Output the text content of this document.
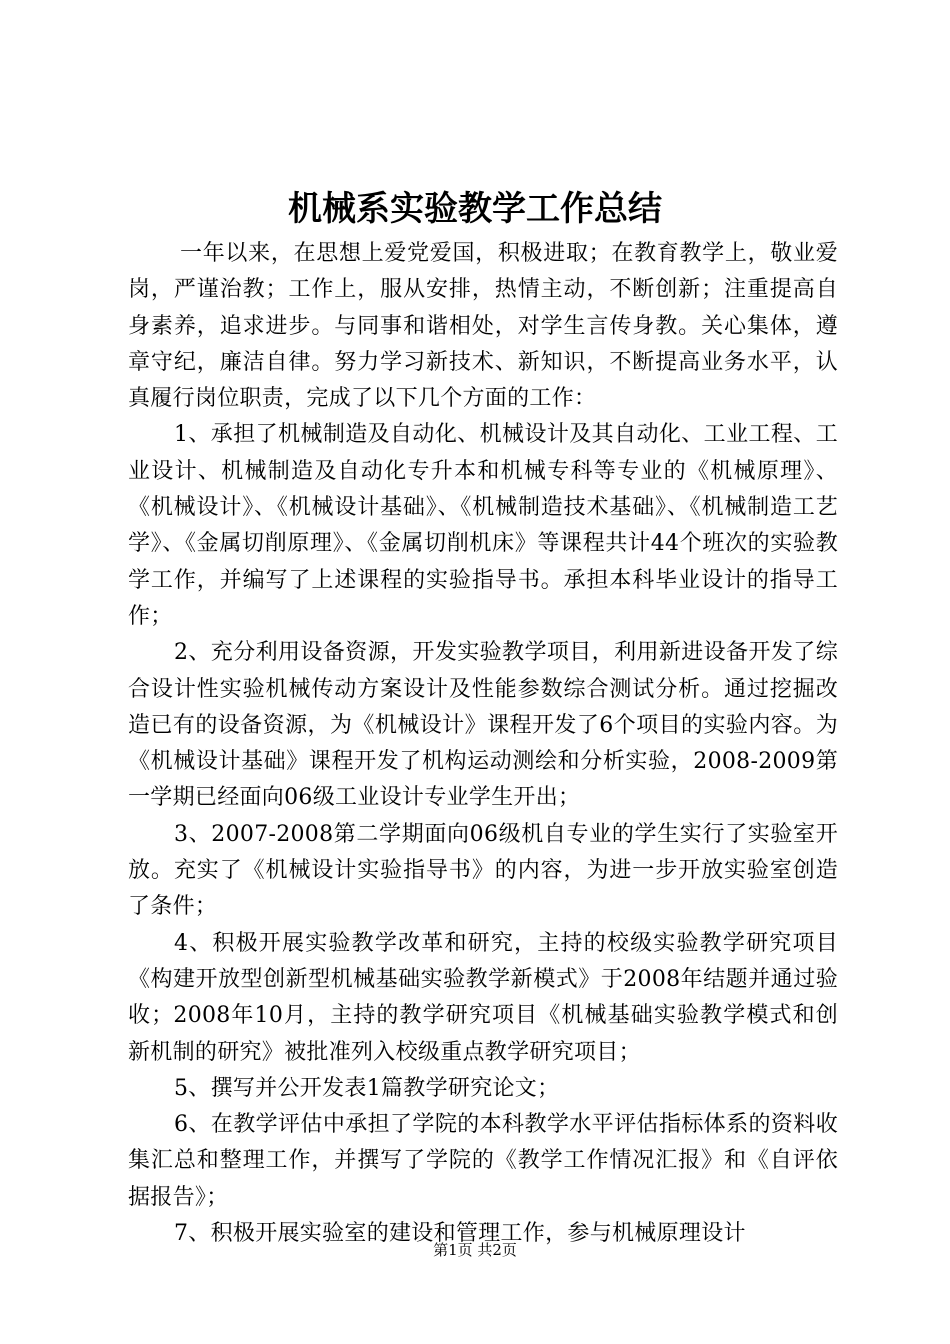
机械系实验教学工作总结

一年以来，在思想上爱党爱国，积极进取；在教育教学上，敬业爱岗，严谨治教；工作上，服从安排，热情主动，不断创新；注重提高自身素养，追求进步。与同事和谐相处，对学生言传身教。关心集体，遵章守纪，廉洁自律。努力学习新技术、新知识，不断提高业务水平，认真履行岗位职责，完成了以下几个方面的工作：

1、承担了机械制造及自动化、机械设计及其自动化、工业工程、工业设计、机械制造及自动化专升本和机械专科等专业的《机械原理》、《机械设计》、《机械设计基础》、《机械制造技术基础》、《机械制造工艺学》、《金属切削原理》、《金属切削机床》等课程共计44个班次的实验教学工作，并编写了上述课程的实验指导书。承担本科毕业设计的指导工作；

2、充分利用设备资源，开发实验教学项目，利用新进设备开发了综合设计性实验机械传动方案设计及性能参数综合测试分析。通过挖掘改造已有的设备资源，为《机械设计》课程开发了6个项目的实验内容。为《机械设计基础》课程开发了机构运动测绘和分析实验，2008-2009第一学期已经面向06级工业设计专业学生开出；

3、2007-2008第二学期面向06级机自专业的学生实行了实验室开放。充实了《机械设计实验指导书》的内容，为进一步开放实验室创造了条件；

4、积极开展实验教学改革和研究，主持的校级实验教学研究项目《构建开放型创新型机械基础实验教学新模式》于2008年结题并通过验收；2008年10月，主持的教学研究项目《机械基础实验教学模式和创新机制的研究》被批准列入校级重点教学研究项目；

5、撰写并公开发表1篇教学研究论文；

6、在教学评估中承担了学院的本科教学水平评估指标体系的资料收集汇总和整理工作，并撰写了学院的《教学工作情况汇报》和《自评依据报告》；

7、积极开展实验室的建设和管理工作，参与机械原理设计

第1页 共2页
